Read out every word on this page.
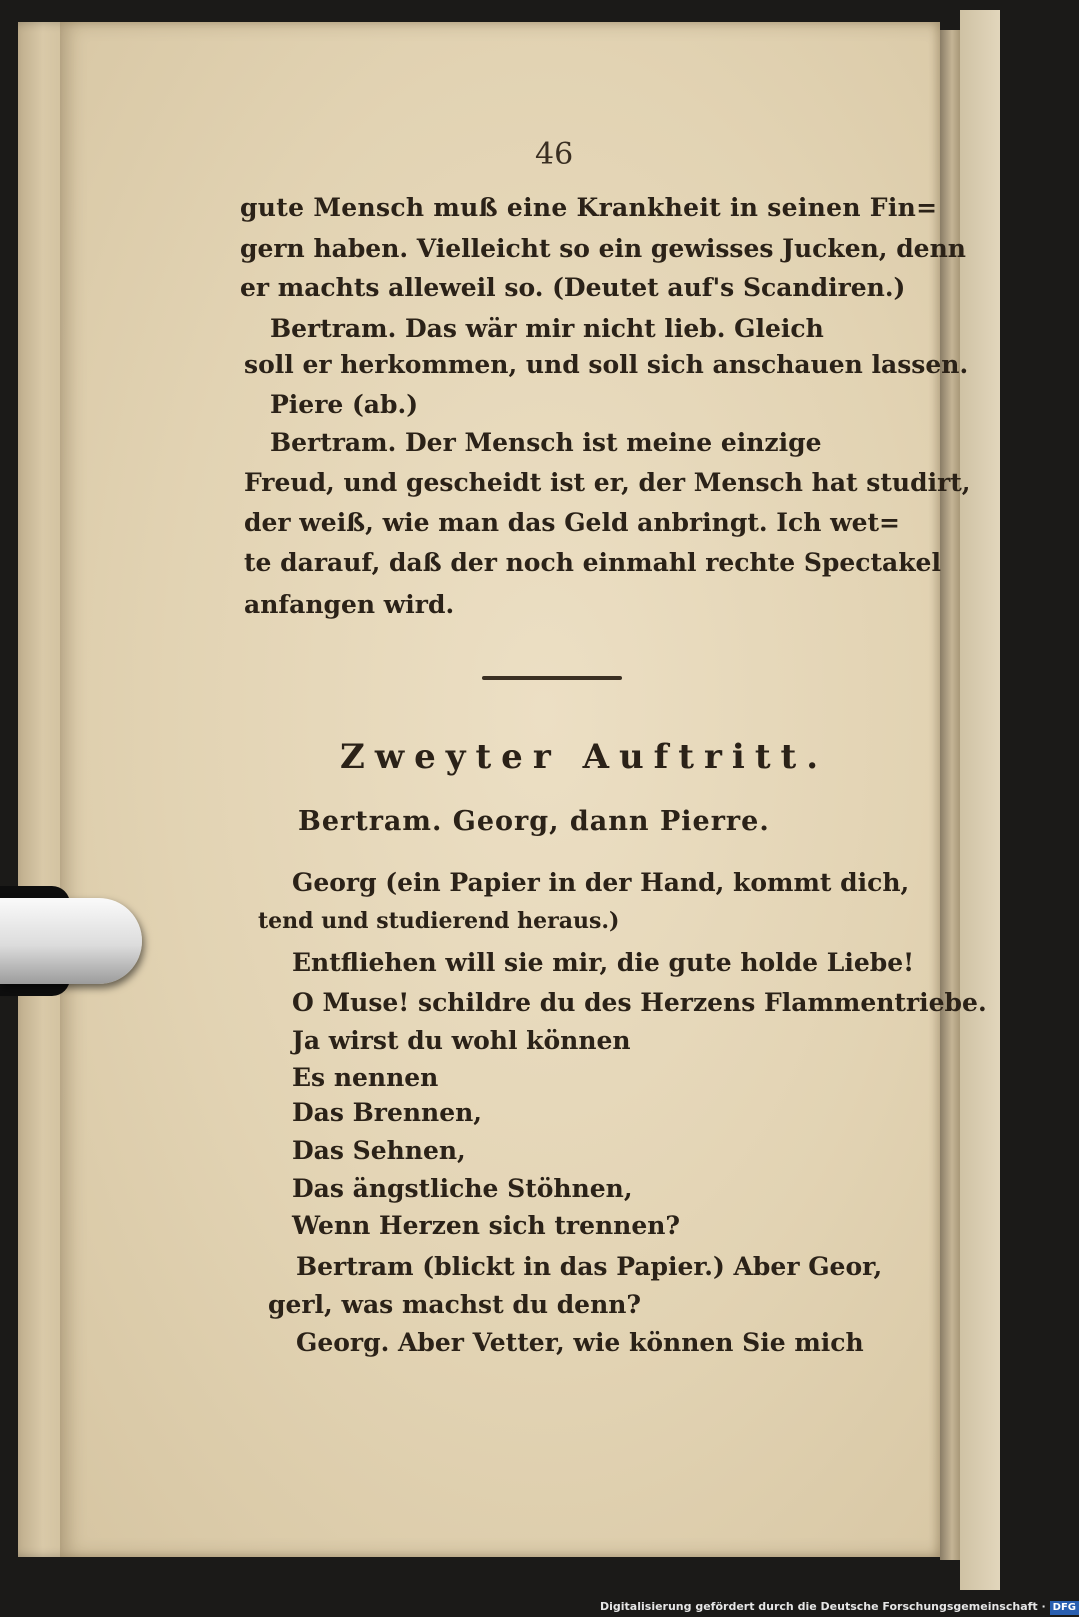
46
gute Mensch muß eine Krankheit in seinen Fin=
gern haben. Vielleicht so ein gewisses Jucken, denn
er machts alleweil so. (Deutet auf's Scandiren.)
Bertram. Das wär mir nicht lieb. Gleich
soll er herkommen, und soll sich anschauen lassen.
Piere (ab.)
Bertram. Der Mensch ist meine einzige
Freud, und gescheidt ist er, der Mensch hat studirt,
der weiß, wie man das Geld anbringt. Ich wet=
te darauf, daß der noch einmahl rechte Spectakel
anfangen wird.
Zweyter Auftritt.
Bertram. Georg, dann Pierre.
Georg (ein Papier in der Hand, kommt dich,
tend und studierend heraus.)
Entfliehen will sie mir, die gute holde Liebe!
O Muse! schildre du des Herzens Flammentriebe.
Ja wirst du wohl können
Es nennen
Das Brennen,
Das Sehnen,
Das ängstliche Stöhnen,
Wenn Herzen sich trennen?
Bertram (blickt in das Papier.) Aber Geor,
gerl, was machst du denn?
Georg. Aber Vetter, wie können Sie mich
Digitalisierung gefördert durch die Deutsche Forschungsgemeinschaft · DFG
